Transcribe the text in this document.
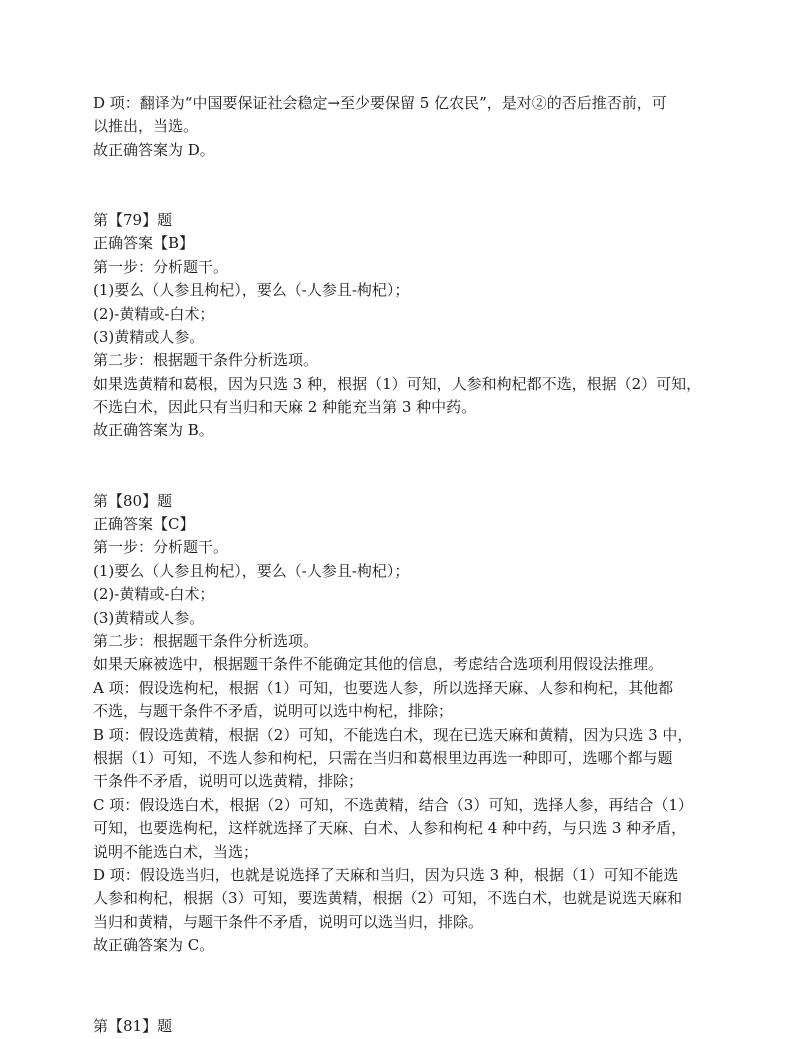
D 项：翻译为“中国要保证社会稳定→至少要保留 5 亿农民”，是对②的否后推否前，可
以推出，当选。
故正确答案为 D。
第【79】题
正确答案【B】
第一步：分析题干。
(1)要么（人参且枸杞），要么（-人参且-枸杞）；
(2)-黄精或-白术；
(3)黄精或人参。
第二步：根据题干条件分析选项。
如果选黄精和葛根，因为只选 3 种，根据（1）可知，人参和枸杞都不选，根据（2）可知，
不选白术，因此只有当归和天麻 2 种能充当第 3 种中药。
故正确答案为 B。
第【80】题
正确答案【C】
第一步：分析题干。
(1)要么（人参且枸杞），要么（-人参且-枸杞）；
(2)-黄精或-白术；
(3)黄精或人参。
第二步：根据题干条件分析选项。
如果天麻被选中，根据题干条件不能确定其他的信息，考虑结合选项利用假设法推理。
A 项：假设选枸杞，根据（1）可知，也要选人参，所以选择天麻、人参和枸杞，其他都
不选，与题干条件不矛盾，说明可以选中枸杞，排除；
B 项：假设选黄精，根据（2）可知，不能选白术，现在已选天麻和黄精，因为只选 3 中，
根据（1）可知，不选人参和枸杞，只需在当归和葛根里边再选一种即可，选哪个都与题
干条件不矛盾，说明可以选黄精，排除；
C 项：假设选白术，根据（2）可知，不选黄精，结合（3）可知，选择人参，再结合（1）
可知，也要选枸杞，这样就选择了天麻、白术、人参和枸杞 4 种中药，与只选 3 种矛盾，
说明不能选白术，当选；
D 项：假设选当归，也就是说选择了天麻和当归，因为只选 3 种，根据（1）可知不能选
人参和枸杞，根据（3）可知，要选黄精，根据（2）可知，不选白术，也就是说选天麻和
当归和黄精，与题干条件不矛盾，说明可以选当归，排除。
故正确答案为 C。
第【81】题
